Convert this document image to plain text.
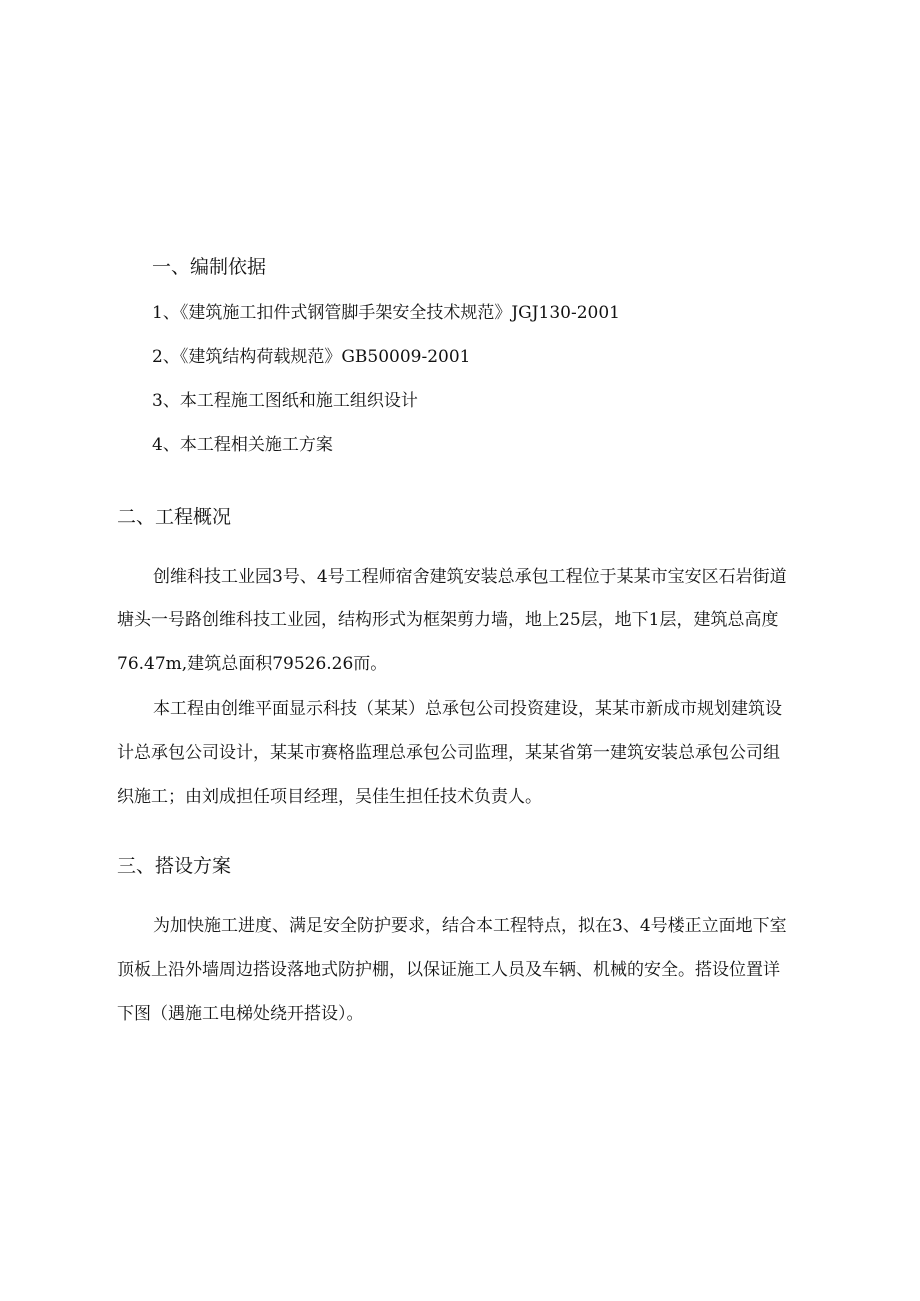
一、编制依据
1、《建筑施工扣件式钢管脚手架安全技术规范》JGJ130-2001
2、《建筑结构荷载规范》GB50009-2001
3、本工程施工图纸和施工组织设计
4、本工程相关施工方案
二、工程概况
创维科技工业园3号、4号工程师宿舍建筑安装总承包工程位于某某市宝安区石岩街道
塘头一号路创维科技工业园，结构形式为框架剪力墙，地上25层，地下1层，建筑总高度
76.47m,建筑总面积79526.26而。
本工程由创维平面显示科技（某某）总承包公司投资建设，某某市新成市规划建筑设
计总承包公司设计，某某市赛格监理总承包公司监理，某某省第一建筑安装总承包公司组
织施工；由刘成担任项目经理，吴佳生担任技术负责人。
三、搭设方案
为加快施工进度、满足安全防护要求，结合本工程特点，拟在3、4号楼正立面地下室
顶板上沿外墙周边搭设落地式防护棚，以保证施工人员及车辆、机械的安全。搭设位置详
下图（遇施工电梯处绕开搭设）。
